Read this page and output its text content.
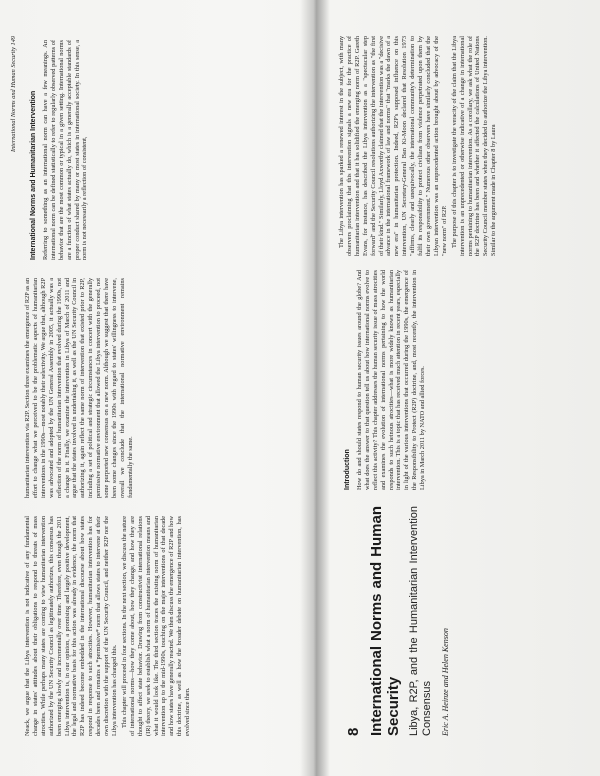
International Norms and Human Security 149

Neack, we argue that the Libya intervention is not indicative of any fundamental change in states' attitudes about their obligations to respond to threats of mass atrocities. While perhaps many states are coming to view humanitarian intervention authorized by the UN Security Council as legitimately authorizes, this consensus has been emerging slowly and incrementally over time. Therefore, even though the 2011 Libya intervention is, in our opinion, a promising and largely positive development, the legal and normative basis for this action was already in evidence, the norm that R2P has indeed become embedded in the international discourse about how states respond in response to such atrocities. However, humanitarian intervention has for decades been and remains a *permissive* norm that allows states to intervene at their own discretion with the support of the UN Security Council, and neither R2P nor the Libya intervention has changed this. This chapter will proceed in four sections. In the next section, we discuss the nature of international norms—how they come about, how they change, and how they are thought to affect state behavior. Drawing from constructivist international relations (IR) theory, we seek to establish what a norm of humanitarian intervention means and what it would look like. The third section traces the existing norm of humanitarian intervention up to the mid-1990s, touching on the major interventions of that decade and how states have generally reacted. We then discuss the emergence of R2P and how this doctrine, as well as how the broader debate on humanitarian intervention, has evolved since then.

humanitarian intervention via R2P. Section three examines the emergence of R2P as an effort to change what we perceived to be the problematic aspects of humanitarian interventions in the 1990s—most notably their selectivity. We argue that, although R2P was advocated and adopted by the UN General Assembly in 2005, it actually was a reflection of the norm of humanitarian intervention that evolved during the 1990s, not a change in it. Finally, we examine the intervention in Libya of March of 2011 and argue that the states involved in undertaking it, as well as the UN Security Council in authorizing it, again reflect the same norm of intervention that existed prior to R2P, including a set of political and strategic circumstances in concert with the generally permissive normative environment that allowed the Libya intervention to proceed, not some purported new consensus on a new norm. Although we suggest that there have been some changes since the 1990s with regard to states' willingness to intervene, overall we conclude that the international normative environment remains fundamentally the same.

International Norms and Humanitarian Intervention Referring to something as an international norm can have a few meanings. An international norm can be defined statistically to refer to regularly observed patterns of behavior that are the most common or typical in a given setting. International norms are a function of what states actually do, which is a generally acceptable standards of proper conduct shared by many or most states in international society. In this sense, a norm is not necessarily a reflection of consistent,

8 International Norms and Human Security Libya, R2P, and the Humanitarian Intervention Consensus Eric A. Heinze and Helen Kenson
Introduction How do and should states respond to human security issues around the globe? And what does the answer to that question tell us about how international norms evolve to reflect this activity? This chapter addresses the human security issue of mass atrocities and examines the evolution of international norms pertaining to how the world responds to such heinous atrocities—what is more widely known as humanitarian intervention. This is a topic that has received much attention in recent years, especially in light of the various interventions that occurred during the 1990s, the emergence of the Responsibility to Protect (R2P) doctrine, and, most recently, the intervention in Libya in March 2011 by NATO and allied forces.

The Libya intervention has sparked a renewed interest in the subject, with many observers proclaiming that this intervention signals a new era for the practice of humanitarian intervention and that it has solidified the emerging norm of R2P. Gareth Evans, for instance, has described the Libya intervention as a "spectacular step forward" and the Security Council resolutions authorizing the intervention as "the first of their kind." Similarly, Lloyd Axworthy claimed that the intervention was a "decisive advance in the international framework of law and norms" that "marks the dawn of a new era" in humanitarian protection. Indeed, R2P's supposed influence on this intervention, UN Secretary-General Ban Ki-Moon declared that Resolution 1973 "affirms, clearly and unequivocally, the international community's determination to fulfil its responsibility to protect civilians from violence perpetrated upon them by their own government." Numerous other observers have similarly concluded that the Libyan intervention was an unprecedented action brought about by advocacy of the "new norm" of R2P. The purpose of this chapter is to investigate the veracity of the claim that the Libya intervention is an unprecedented or otherwise indicative of a change in international norms pertaining to humanitarian intervention. As a corollary, we ask what the role of the R2P doctrine has been and whether it affected the calculations of United Nations Security Council member states when they decided to authorize the Libya intervention. Similar to the argument made in Chapter 8 by Laura
